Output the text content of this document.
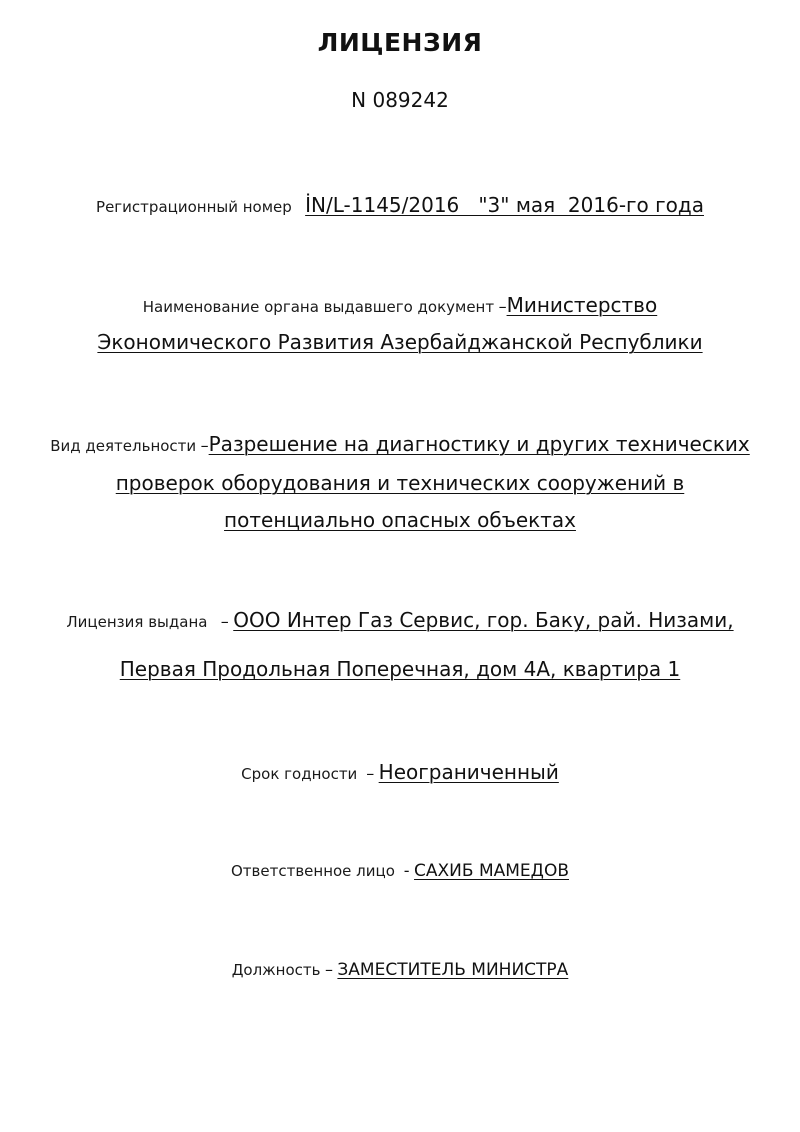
ЛИЦЕНЗИЯ
N 089242
Регистрационный номер İN/L-1145/2016   "3" мая  2016-го года
Наименование органа выдавшего документ –Министерство
Экономического Развития Азербайджанской Республики
Вид деятельности –Разрешение на диагностику и других технических
проверок оборудования и технических сооружений в
потенциально опасных объектах
Лицензия выдана – ООО Интер Газ Сервис, гор. Баку, рай. Низами,
Первая Продольная Поперечная, дом 4А, квартира 1
Срок годности – Неограниченный
Ответственное лицо - САХИБ МАМЕДОВ
Должность – ЗАМЕСТИТЕЛЬ МИНИСТРА
